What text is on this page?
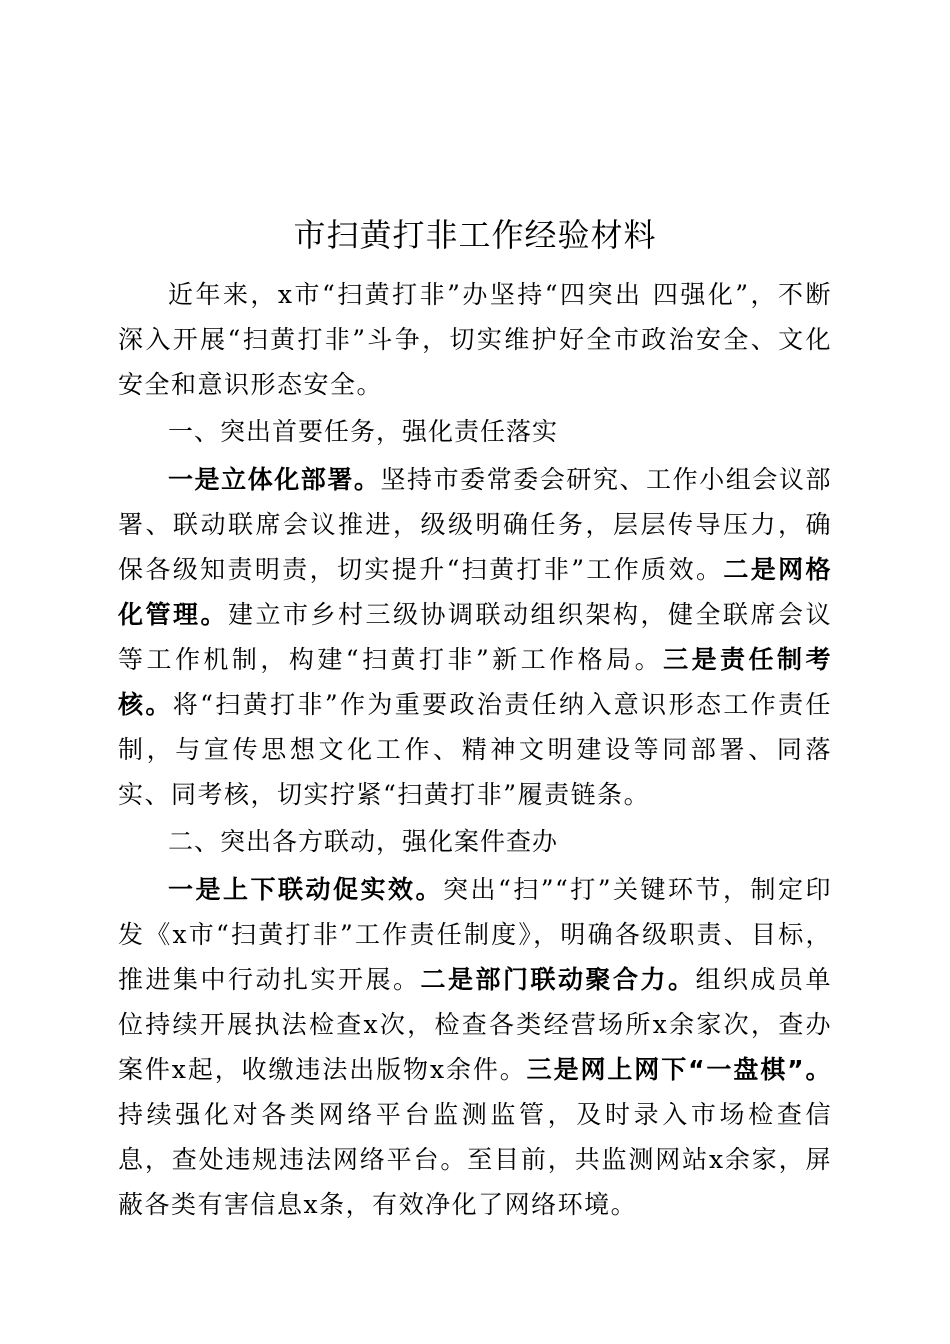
市扫黄打非工作经验材料

近年来，x市“扫黄打非”办坚持“四突出 四强化”，不断深入开展“扫黄打非”斗争，切实维护好全市政治安全、文化安全和意识形态安全。

一、突出首要任务，强化责任落实

一是立体化部署。坚持市委常委会研究、工作小组会议部署、联动联席会议推进，级级明确任务，层层传导压力，确保各级知责明责，切实提升“扫黄打非”工作质效。二是网格化管理。建立市乡村三级协调联动组织架构，健全联席会议等工作机制，构建“扫黄打非”新工作格局。三是责任制考核。将“扫黄打非”作为重要政治责任纳入意识形态工作责任制，与宣传思想文化工作、精神文明建设等同部署、同落实、同考核，切实拧紧“扫黄打非”履责链条。

二、突出各方联动，强化案件查办

一是上下联动促实效。突出“扫”“打”关键环节，制定印发《x市“扫黄打非”工作责任制度》，明确各级职责、目标，推进集中行动扎实开展。二是部门联动聚合力。组织成员单位持续开展执法检查x次，检查各类经营场所x余家次，查办案件x起，收缴违法出版物x余件。三是网上网下“一盘棋”。持续强化对各类网络平台监测监管，及时录入市场检查信息，查处违规违法网络平台。至目前，共监测网站x余家，屏蔽各类有害信息x条，有效净化了网络环境。
